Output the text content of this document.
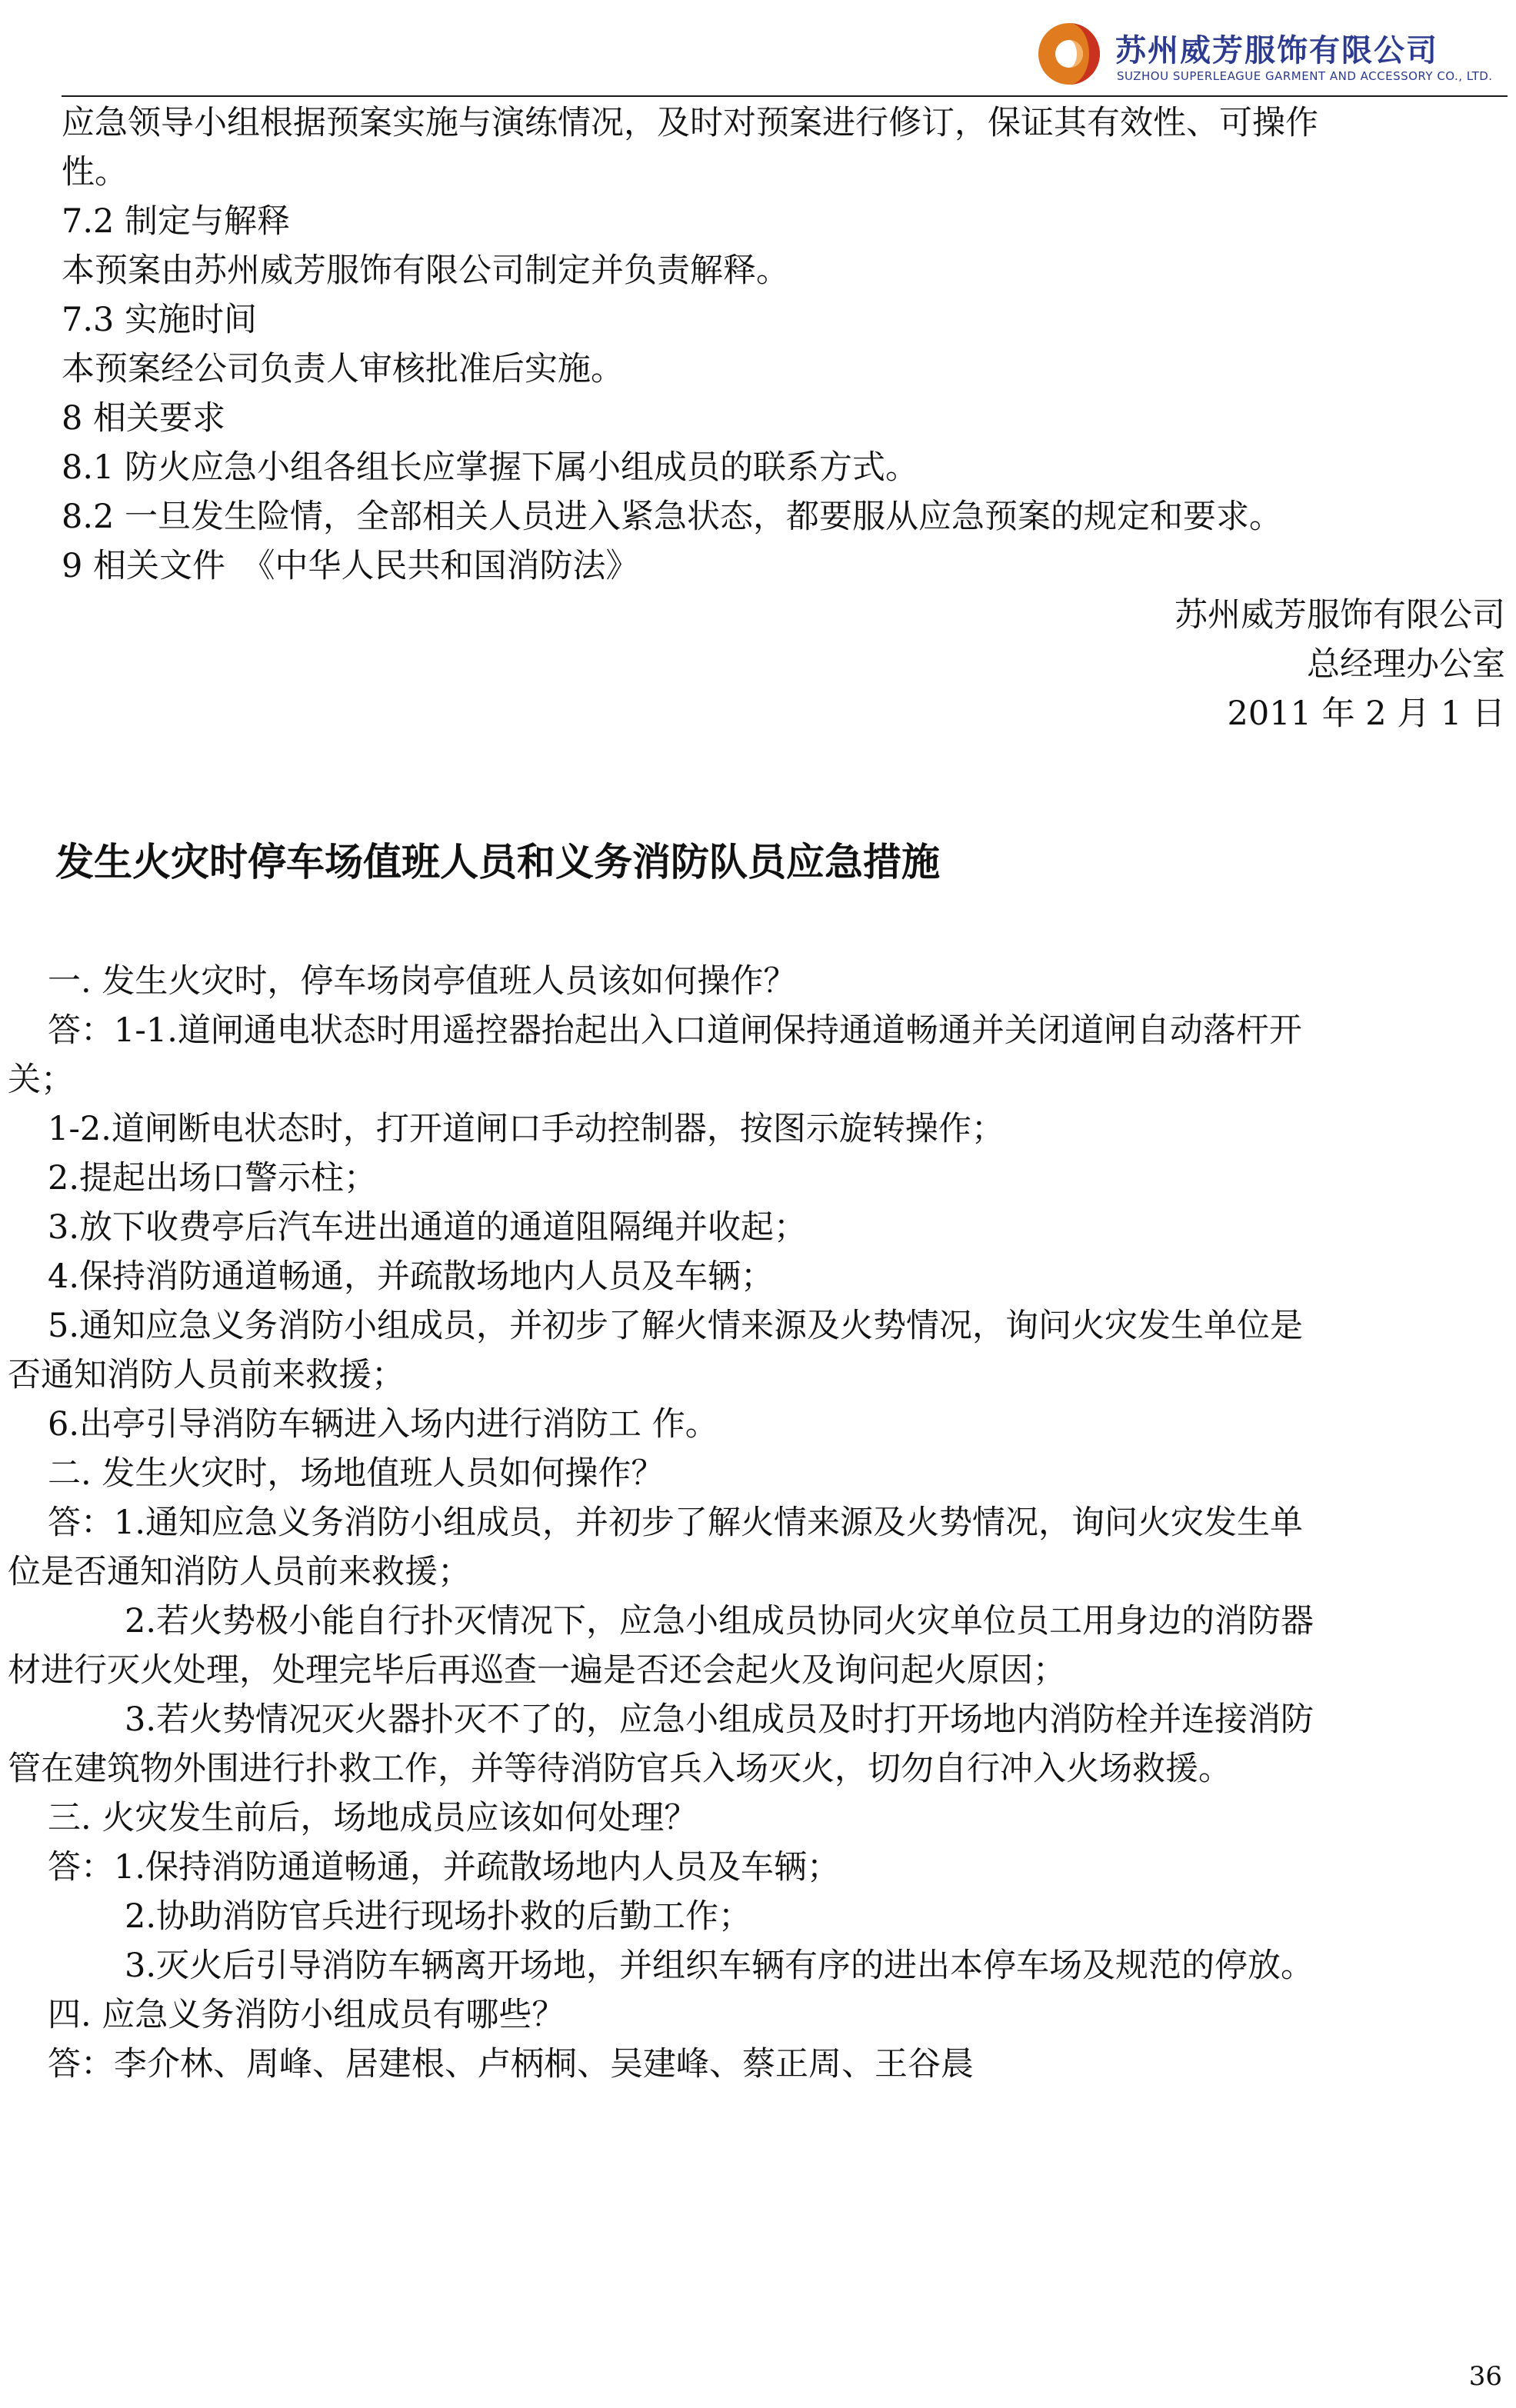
苏州威芳服饰有限公司
SUZHOU SUPERLEAGUE GARMENT AND ACCESSORY CO., LTD.
应急领导小组根据预案实施与演练情况，及时对预案进行修订，保证其有效性、可操作
性。
7.2 制定与解释
本预案由苏州威芳服饰有限公司制定并负责解释。
7.3 实施时间
本预案经公司负责人审核批准后实施。
8 相关要求
8.1 防火应急小组各组长应掌握下属小组成员的联系方式。
8.2 一旦发生险情，全部相关人员进入紧急状态，都要服从应急预案的规定和要求。
9 相关文件　《中华人民共和国消防法》
苏州威芳服饰有限公司
总经理办公室
2011 年 2 月 1 日
发生火灾时停车场值班人员和义务消防队员应急措施
一. 发生火灾时，停车场岗亭值班人员该如何操作？
答：1-1.道闸通电状态时用遥控器抬起出入口道闸保持通道畅通并关闭道闸自动落杆开
关；
1-2.道闸断电状态时，打开道闸口手动控制器，按图示旋转操作；
2.提起出场口警示柱；
3.放下收费亭后汽车进出通道的通道阻隔绳并收起；
4.保持消防通道畅通，并疏散场地内人员及车辆；
5.通知应急义务消防小组成员，并初步了解火情来源及火势情况，询问火灾发生单位是
否通知消防人员前来救援；
6.出亭引导消防车辆进入场内进行消防工 作。
二. 发生火灾时，场地值班人员如何操作？
答：1.通知应急义务消防小组成员，并初步了解火情来源及火势情况，询问火灾发生单
位是否通知消防人员前来救援；
2.若火势极小能自行扑灭情况下，应急小组成员协同火灾单位员工用身边的消防器
材进行灭火处理，处理完毕后再巡查一遍是否还会起火及询问起火原因；
3.若火势情况灭火器扑灭不了的，应急小组成员及时打开场地内消防栓并连接消防
管在建筑物外围进行扑救工作，并等待消防官兵入场灭火，切勿自行冲入火场救援。
三. 火灾发生前后，场地成员应该如何处理？
答：1.保持消防通道畅通，并疏散场地内人员及车辆；
2.协助消防官兵进行现场扑救的后勤工作；
3.灭火后引导消防车辆离开场地，并组织车辆有序的进出本停车场及规范的停放。
四. 应急义务消防小组成员有哪些？
答：李介林、周峰、居建根、卢柄桐、吴建峰、蔡正周、王谷晨
36
